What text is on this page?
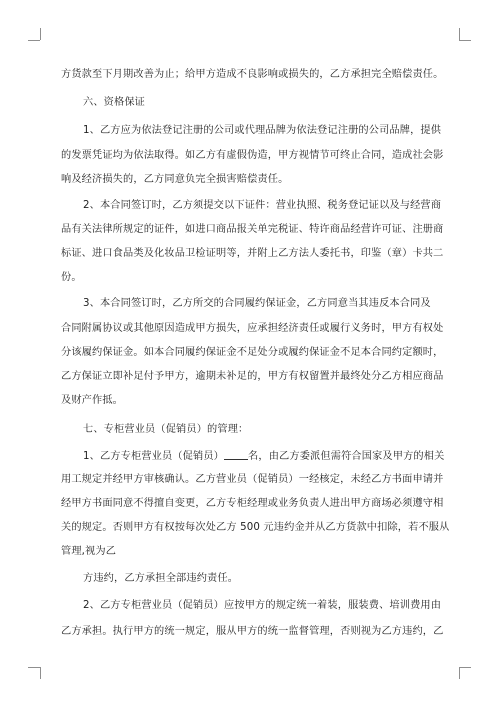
方货款至下月期改善为止；给甲方造成不良影响或损失的，乙方承担完全赔偿责任。
六、资格保证
1、乙方应为依法登记注册的公司或代理品牌为依法登记注册的公司品牌，提供
的发票凭证均为依法取得。如乙方有虚假伪造，甲方视情节可终止合同，造成社会影
响及经济损失的，乙方同意负完全损害赔偿责任。
2、本合同签订时，乙方须提交以下证件：营业执照、税务登记证以及与经营商
品有关法律所规定的证件，如进口商品报关单完税证、特许商品经营许可证、注册商
标证、进口食品类及化妆品卫检证明等，并附上乙方法人委托书，印鉴（章）卡共二
份。
3、本合同签订时，乙方所交的合同履约保证金，乙方同意当其违反本合同及
合同附属协议或其他原因造成甲方损失，应承担经济责任或履行义务时，甲方有权处
分该履约保证金。如本合同履约保证金不足处分或履约保证金不足本合同约定额时，
乙方保证立即补足付予甲方，逾期未补足的，甲方有权留置并最终处分乙方相应商品
及财产作抵。
七、专柜营业员（促销员）的管理：
1、乙方专柜营业员（促销员） 名，由乙方委派但需符合国家及甲方的相关
用工规定并经甲方审核确认。乙方营业员（促销员）一经核定，未经乙方书面申请并
经甲方书面同意不得擅自变更，乙方专柜经理或业务负责人进出甲方商场必须遵守相
关的规定。否则甲方有权按每次处乙方 500 元违约金并从乙方货款中扣除，若不服从
管理,视为乙
方违约，乙方承担全部违约责任。
2、乙方专柜营业员（促销员）应按甲方的规定统一着装，服装费、培训费用由
乙方承担。执行甲方的统一规定，服从甲方的统一监督管理，否则视为乙方违约，乙
